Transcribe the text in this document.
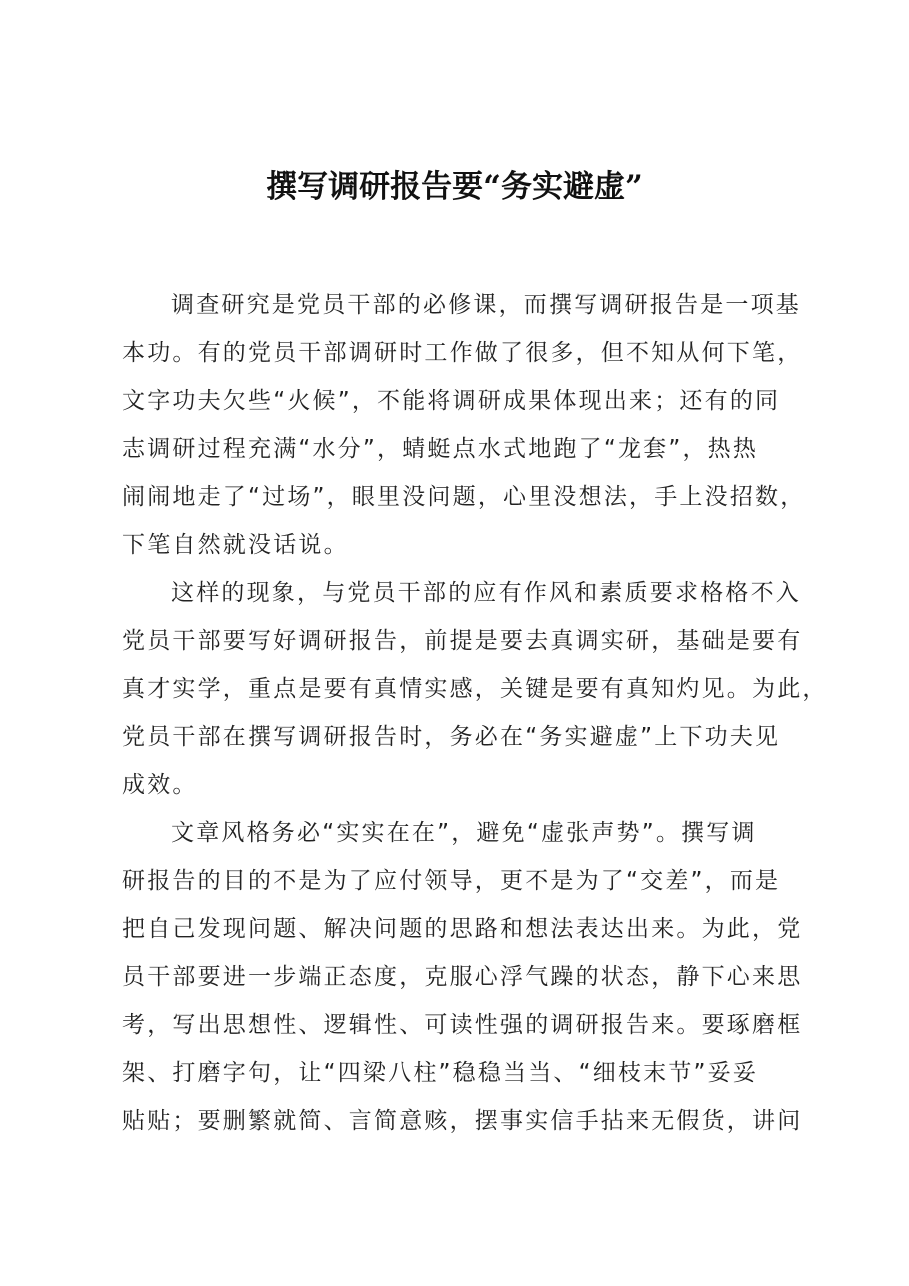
撰写调研报告要“务实避虚”
调查研究是党员干部的必修课，而撰写调研报告是一项基
本功。有的党员干部调研时工作做了很多，但不知从何下笔，
文字功夫欠些“火候”，不能将调研成果体现出来；还有的同
志调研过程充满“水分”，蜻蜓点水式地跑了“龙套”，热热
闹闹地走了“过场”，眼里没问题，心里没想法，手上没招数，
下笔自然就没话说。
这样的现象，与党员干部的应有作风和素质要求格格不入
党员干部要写好调研报告，前提是要去真调实研，基础是要有
真才实学，重点是要有真情实感，关键是要有真知灼见。为此，
党员干部在撰写调研报告时，务必在“务实避虚”上下功夫见
成效。
文章风格务必“实实在在”，避免“虚张声势”。撰写调
研报告的目的不是为了应付领导，更不是为了“交差”，而是
把自己发现问题、解决问题的思路和想法表达出来。为此，党
员干部要进一步端正态度，克服心浮气躁的状态，静下心来思
考，写出思想性、逻辑性、可读性强的调研报告来。要琢磨框
架、打磨字句，让“四梁八柱”稳稳当当、“细枝末节”妥妥
贴贴；要删繁就简、言简意赅，摆事实信手拈来无假货，讲问
